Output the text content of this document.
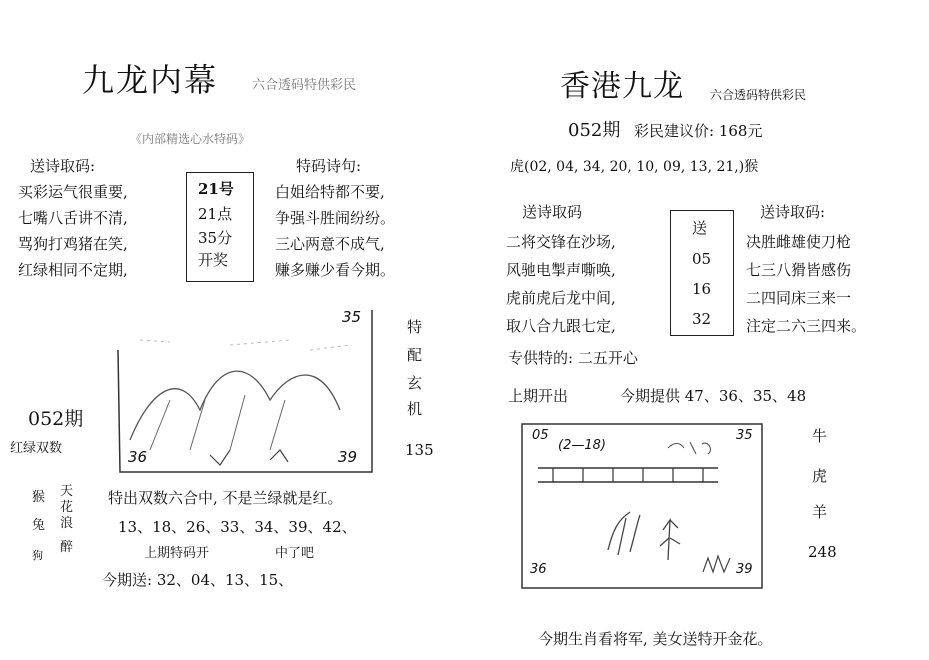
九龙内幕	六合透码特供彩民
《内部精选心水特码》
送诗取码:
买彩运气很重要,
七嘴八舌讲不清,
骂狗打鸡猪在笑,
红绿相同不定期,
21号
21点
35分
开奖
特码诗句:
白姐给特都不要,
争强斗胜闹纷纷。
三心两意不成气,
赚多赚少看今期。
35
36	39
特
配
玄
机
135
052期
红绿双数
猴
兔
狗
天
花
浪
醉
特出双数六合中, 不是兰绿就是红。
13、18、26、33、34、39、42、
上期特码开	中了吧
今期送: 32、04、13、15、
香港九龙 六合透码特供彩民
052期 彩民建议价: 168元
虎(02, 04, 34, 20, 10, 09, 13, 21,)猴
送诗取码
二将交锋在沙场,
风驰电掣声嘶唤,
虎前虎后龙中间,
取八合九跟七定,
送
05
16
32
送诗取码:
决胜雌雄使刀枪
七三八猾皆感伤
二四同床三来一
注定二六三四来。
专供特的: 二五开心
上期开出	今期提供 47、36、35、48
05
(2—18)
35
36	39
牛
虎
羊
248
今期生肖看将军, 美女送特开金花。
